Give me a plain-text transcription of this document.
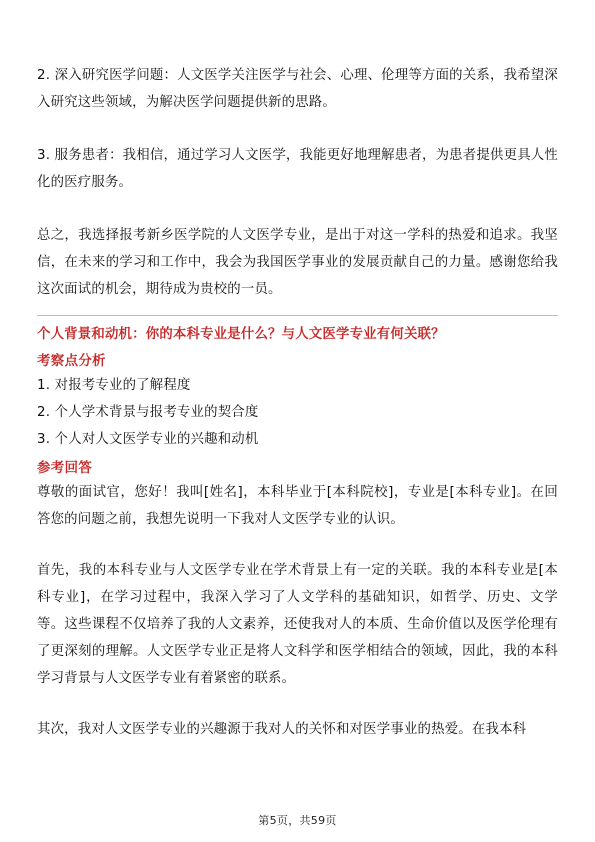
2. 深入研究医学问题：人文医学关注医学与社会、心理、伦理等方面的关系，我希望深入研究这些领域，为解决医学问题提供新的思路。

3. 服务患者：我相信，通过学习人文医学，我能更好地理解患者，为患者提供更具人性化的医疗服务。

总之，我选择报考新乡医学院的人文医学专业，是出于对这一学科的热爱和追求。我坚信，在未来的学习和工作中，我会为我国医学事业的发展贡献自己的力量。感谢您给我这次面试的机会，期待成为贵校的一员。

个人背景和动机：你的本科专业是什么？与人文医学专业有何关联？

考察点分析

1. 对报考专业的了解程度
2. 个人学术背景与报考专业的契合度
3. 个人对人文医学专业的兴趣和动机

参考回答

尊敬的面试官，您好！我叫[姓名]，本科毕业于[本科院校]，专业是[本科专业]。在回答您的问题之前，我想先说明一下我对人文医学专业的认识。

首先，我的本科专业与人文医学专业在学术背景上有一定的关联。我的本科专业是[本科专业]，在学习过程中，我深入学习了人文学科的基础知识，如哲学、历史、文学等。这些课程不仅培养了我的人文素养，还使我对人的本质、生命价值以及医学伦理有了更深刻的理解。人文医学专业正是将人文科学和医学相结合的领域，因此，我的本科学习背景与人文医学专业有着紧密的联系。

其次，我对人文医学专业的兴趣源于我对人的关怀和对医学事业的热爱。在我本科

第5页，共59页
